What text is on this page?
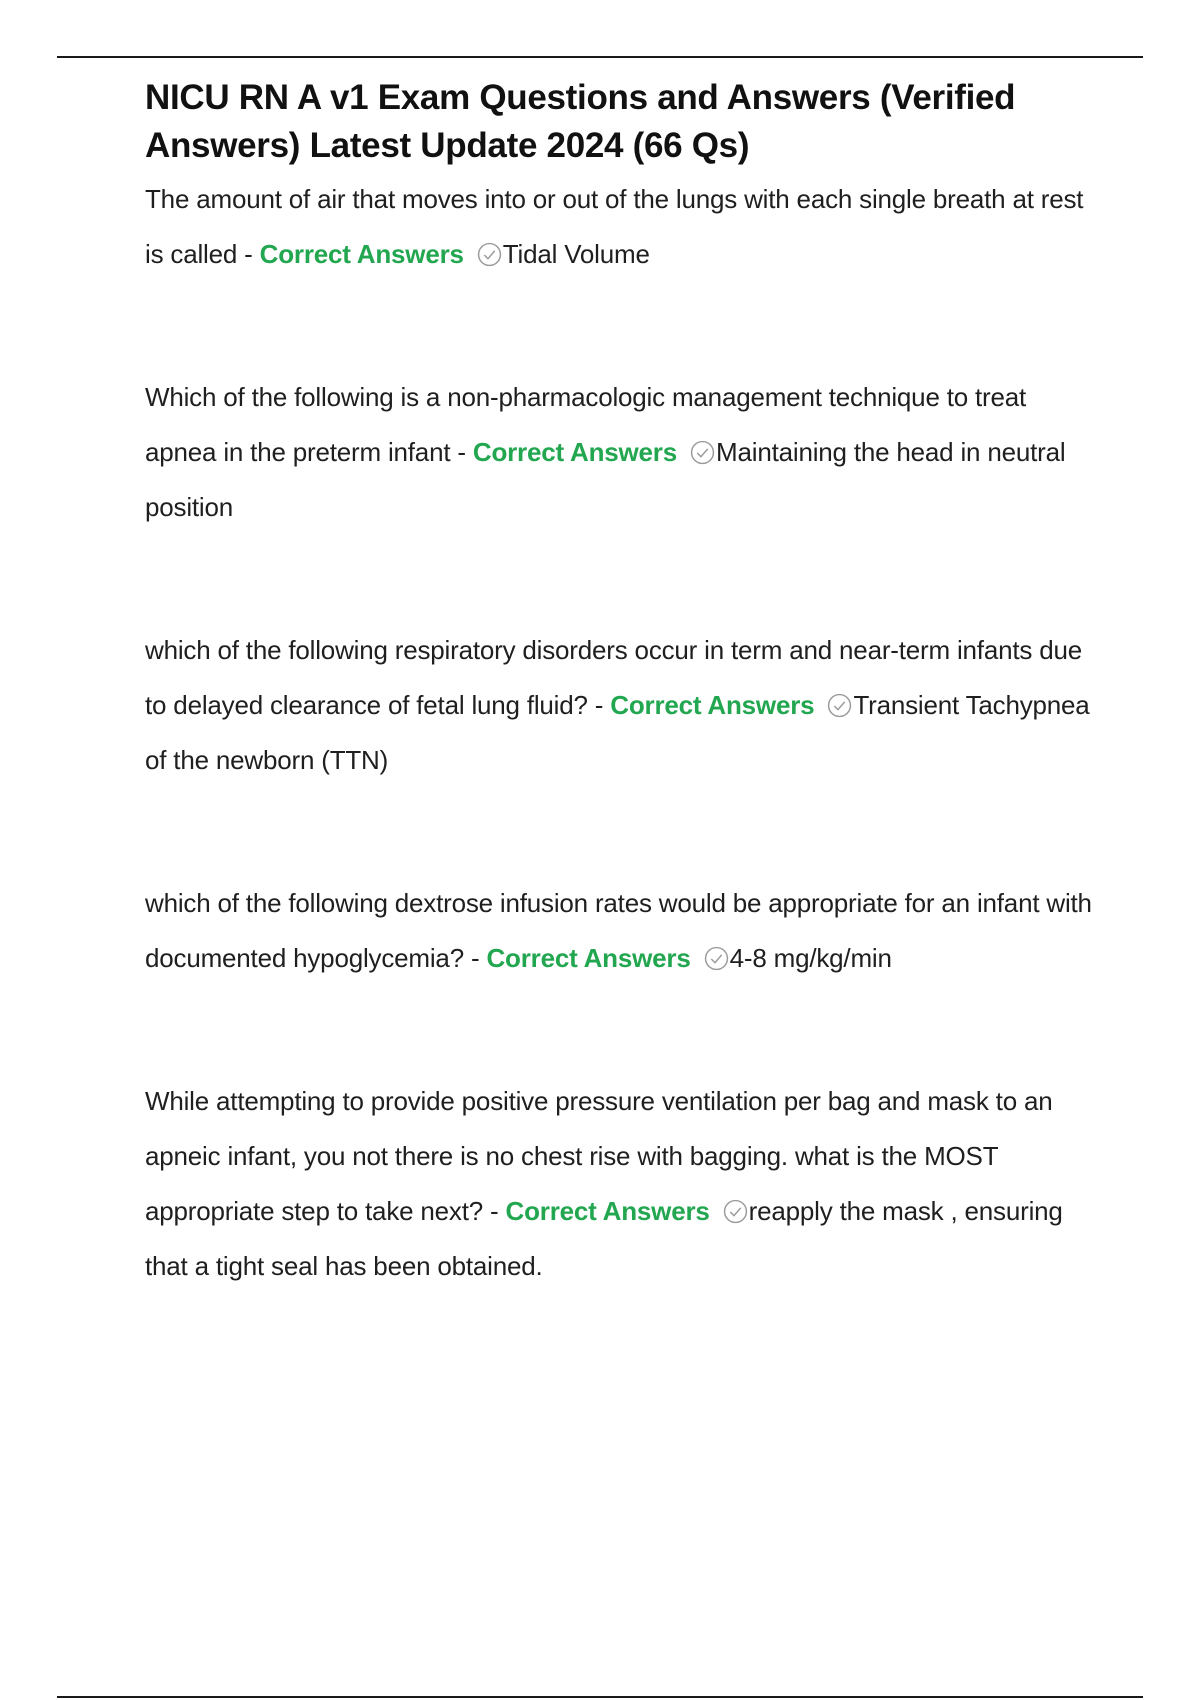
NICU RN A v1 Exam Questions and Answers (Verified Answers) Latest Update 2024 (66 Qs)

The amount of air that moves into or out of the lungs with each single breath at rest is called - Correct Answers Tidal Volume

Which of the following is a non-pharmacologic management technique to treat apnea in the preterm infant - Correct Answers Maintaining the head in neutral position

which of the following respiratory disorders occur in term and near-term infants due to delayed clearance of fetal lung fluid? - Correct Answers Transient Tachypnea of the newborn (TTN)

which of the following dextrose infusion rates would be appropriate for an infant with documented hypoglycemia? - Correct Answers 4-8 mg/kg/min

While attempting to provide positive pressure ventilation per bag and mask to an apneic infant, you not there is no chest rise with bagging. what is the MOST appropriate step to take next? - Correct Answers reapply the mask , ensuring that a tight seal has been obtained.
